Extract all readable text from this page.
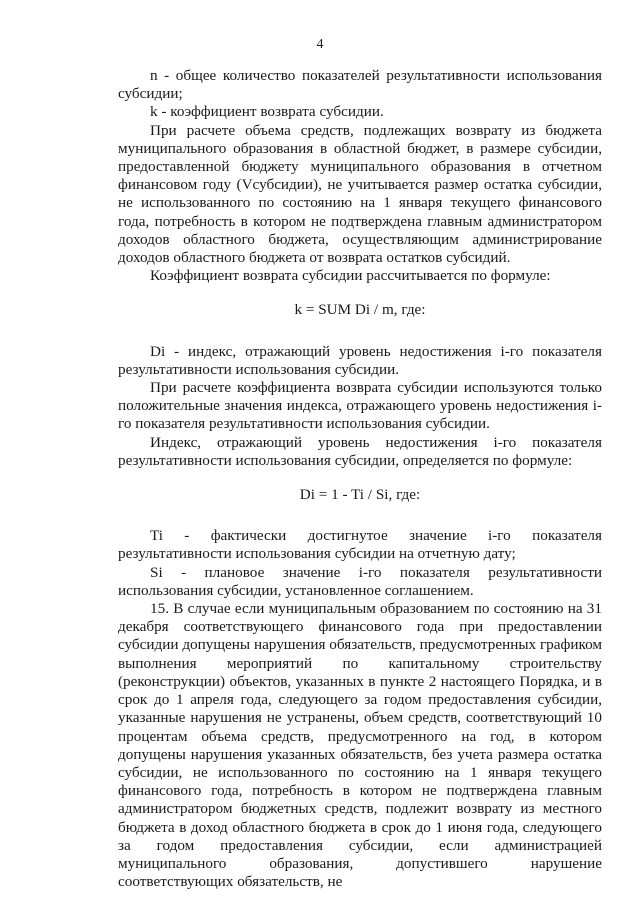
4

n - общее количество показателей результативности использования субсидии;

k - коэффициент возврата субсидии.

При расчете объема средств, подлежащих возврату из бюджета муниципального образования в областной бюджет, в размере субсидии, предоставленной бюджету муниципального образования в отчетном финансовом году (Vсубсидии), не учитывается размер остатка субсидии, не использованного по состоянию на 1 января текущего финансового года, потребность в котором не подтверждена главным администратором доходов областного бюджета, осуществляющим администрирование доходов областного бюджета от возврата остатков субсидий.

Коэффициент возврата субсидии рассчитывается по формуле:

k = SUM Di / m, где:

Di - индекс, отражающий уровень недостижения i-го показателя результативности использования субсидии.

При расчете коэффициента возврата субсидии используются только положительные значения индекса, отражающего уровень недостижения i-го показателя результативности использования субсидии.

Индекс, отражающий уровень недостижения i-го показателя результативности использования субсидии, определяется по формуле:

Di = 1 - Ti / Si, где:

Ti - фактически достигнутое значение i-го показателя результативности использования субсидии на отчетную дату;

Si - плановое значение i-го показателя результативности использования субсидии, установленное соглашением.

15. В случае если муниципальным образованием по состоянию на 31 декабря соответствующего финансового года при предоставлении субсидии допущены нарушения обязательств, предусмотренных графиком выполнения мероприятий по капитальному строительству (реконструкции) объектов, указанных в пункте 2 настоящего Порядка, и в срок до 1 апреля года, следующего за годом предоставления субсидии, указанные нарушения не устранены, объем средств, соответствующий 10 процентам объема средств, предусмотренного на год, в котором допущены нарушения указанных обязательств, без учета размера остатка субсидии, не использованного по состоянию на 1 января текущего финансового года, потребность в котором не подтверждена главным администратором бюджетных средств, подлежит возврату из местного бюджета в доход областного бюджета в срок до 1 июня года, следующего за годом предоставления субсидии, если администрацией муниципального образования, допустившего нарушение соответствующих обязательств, не
